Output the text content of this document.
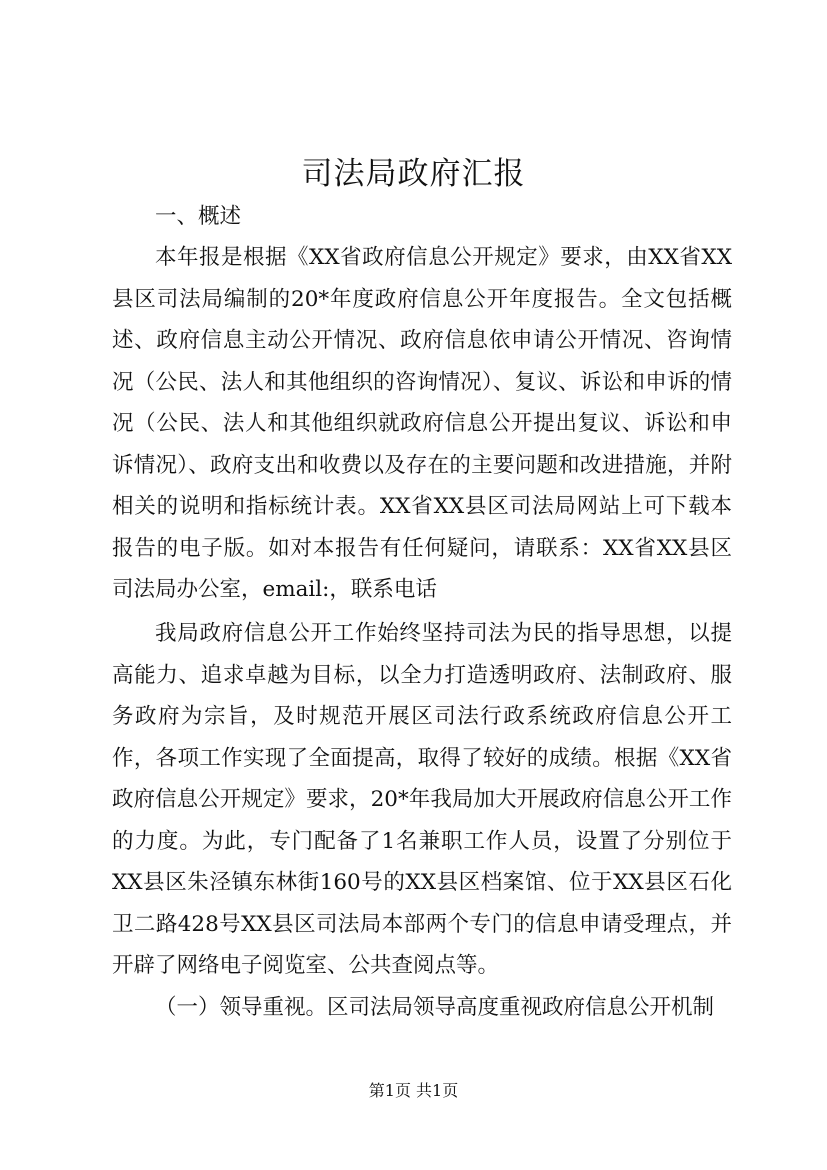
司法局政府汇报

一、概述

本年报是根据《XX省政府信息公开规定》要求，由XX省XX县区司法局编制的20*年度政府信息公开年度报告。全文包括概述、政府信息主动公开情况、政府信息依申请公开情况、咨询情况（公民、法人和其他组织的咨询情况）、复议、诉讼和申诉的情况（公民、法人和其他组织就政府信息公开提出复议、诉讼和申诉情况）、政府支出和收费以及存在的主要问题和改进措施，并附相关的说明和指标统计表。XX省XX县区司法局网站上可下载本报告的电子版。如对本报告有任何疑问，请联系：XX省XX县区司法局办公室，email:，联系电话

我局政府信息公开工作始终坚持司法为民的指导思想，以提高能力、追求卓越为目标，以全力打造透明政府、法制政府、服务政府为宗旨，及时规范开展区司法行政系统政府信息公开工作，各项工作实现了全面提高，取得了较好的成绩。根据《XX省政府信息公开规定》要求，20*年我局加大开展政府信息公开工作的力度。为此，专门配备了1名兼职工作人员，设置了分别位于XX县区朱泾镇东林街160号的XX县区档案馆、位于XX县区石化卫二路428号XX县区司法局本部两个专门的信息申请受理点，并开辟了网络电子阅览室、公共查阅点等。

（一）领导重视。区司法局领导高度重视政府信息公开机制

第1页 共1页
